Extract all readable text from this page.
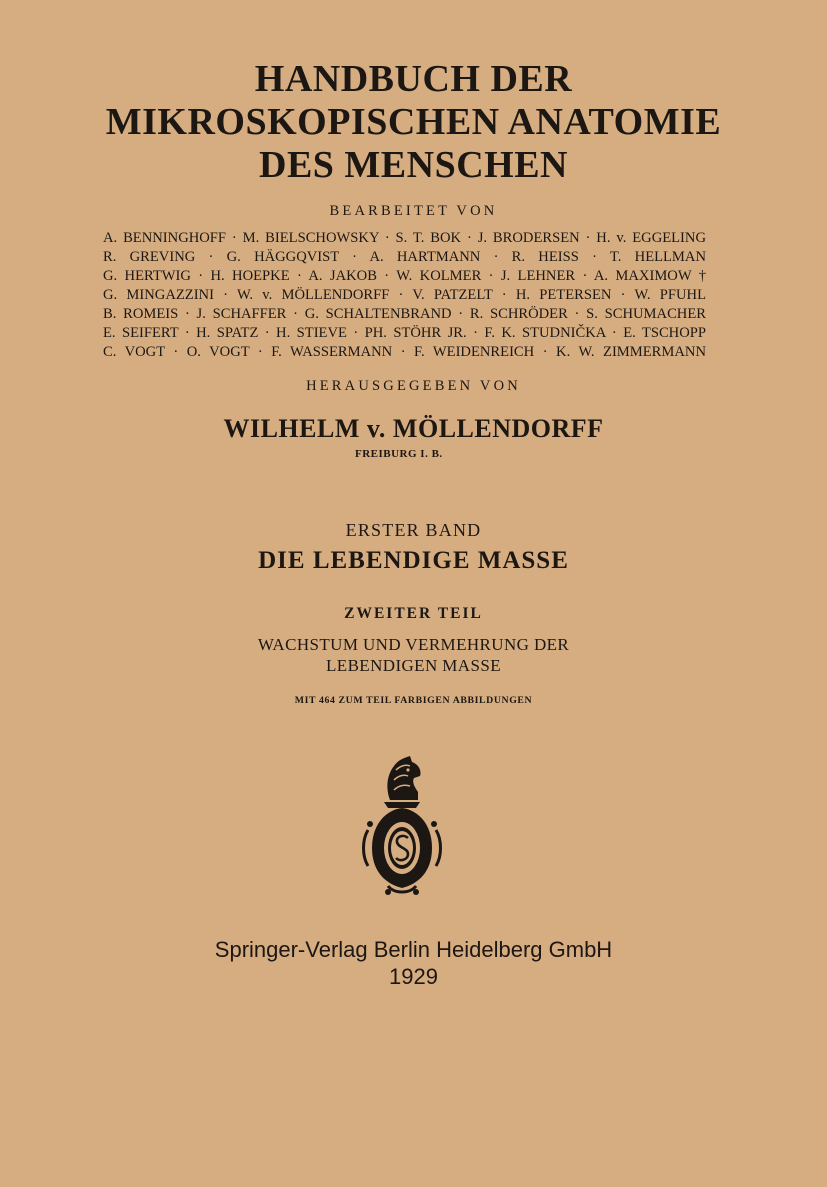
HANDBUCH DER
MIKROSKOPISCHEN ANATOMIE
DES MENSCHEN
BEARBEITET VON
A. BENNINGHOFF · M. BIELSCHOWSKY · S. T. BOK · J. BRODERSEN · H. v. EGGELING
R. GREVING · G. HÄGGQVIST · A. HARTMANN · R. HEISS · T. HELLMAN
G. HERTWIG · H. HOEPKE · A. JAKOB · W. KOLMER · J. LEHNER · A. MAXIMOW †
G. MINGAZZINI · W. v. MÖLLENDORFF · V. PATZELT · H. PETERSEN · W. PFUHL
B. ROMEIS · J. SCHAFFER · G. SCHALTENBRAND · R. SCHRÖDER · S. SCHUMACHER
E. SEIFERT · H. SPATZ · H. STIEVE · PH. STÖHR JR. · F. K. STUDNIČKA · E. TSCHOPP
C. VOGT · O. VOGT · F. WASSERMANN · F. WEIDENREICH · K. W. ZIMMERMANN
HERAUSGEGEBEN VON
WILHELM v. MÖLLENDORFF
FREIBURG I. B.
ERSTER BAND
DIE LEBENDIGE MASSE
ZWEITER TEIL
WACHSTUM UND VERMEHRUNG DER
LEBENDIGEN MASSE
MIT 464 ZUM TEIL FARBIGEN ABBILDUNGEN
Springer-Verlag Berlin Heidelberg GmbH
1929
